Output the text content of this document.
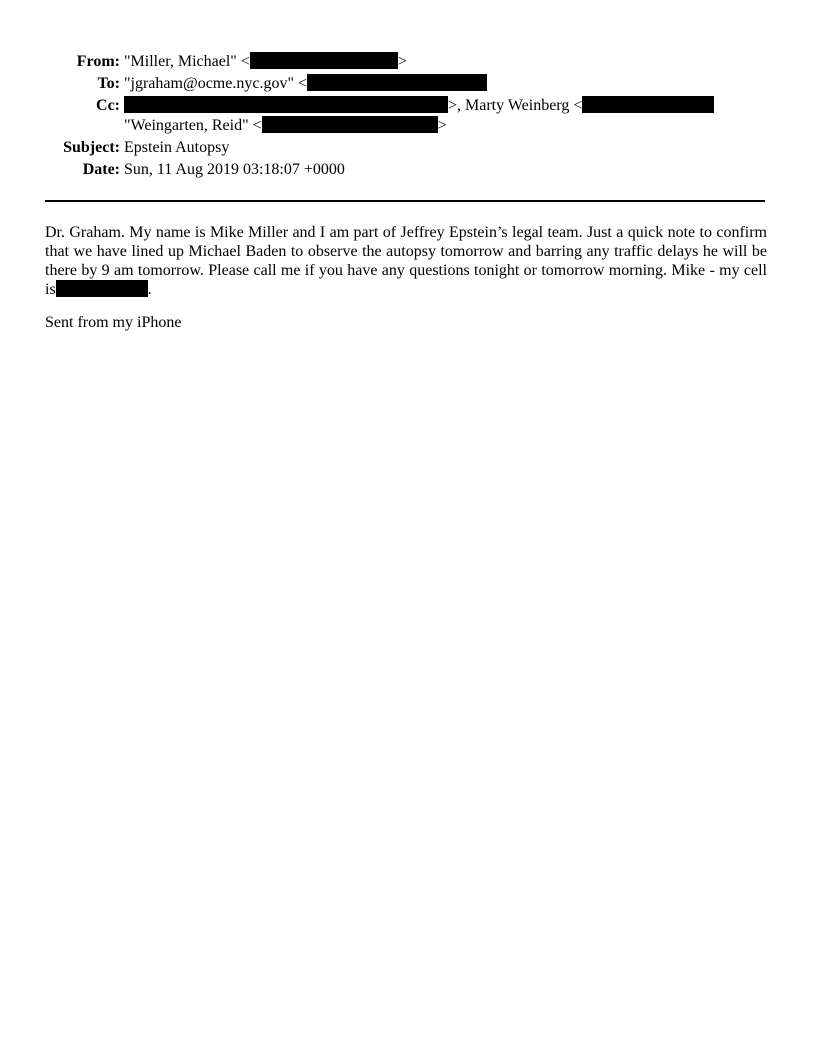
From: "Miller, Michael" <	>
To: "jgraham@ocme.nyc.gov" <
Cc:	>, Marty Weinberg <
"Weingarten, Reid" <	>
Subject: Epstein Autopsy
Date: Sun, 11 Aug 2019 03:18:07 +0000
Dr. Graham. My name is Mike Miller and I am part of Jeffrey Epstein’s legal team. Just a quick note to confirm
that we have lined up Michael Baden to observe the autopsy tomorrow and barring any traffic delays he will be
there by 9 am tomorrow. Please call me if you have any questions tonight or tomorrow morning. Mike - my cell
is	.
Sent from my iPhone
